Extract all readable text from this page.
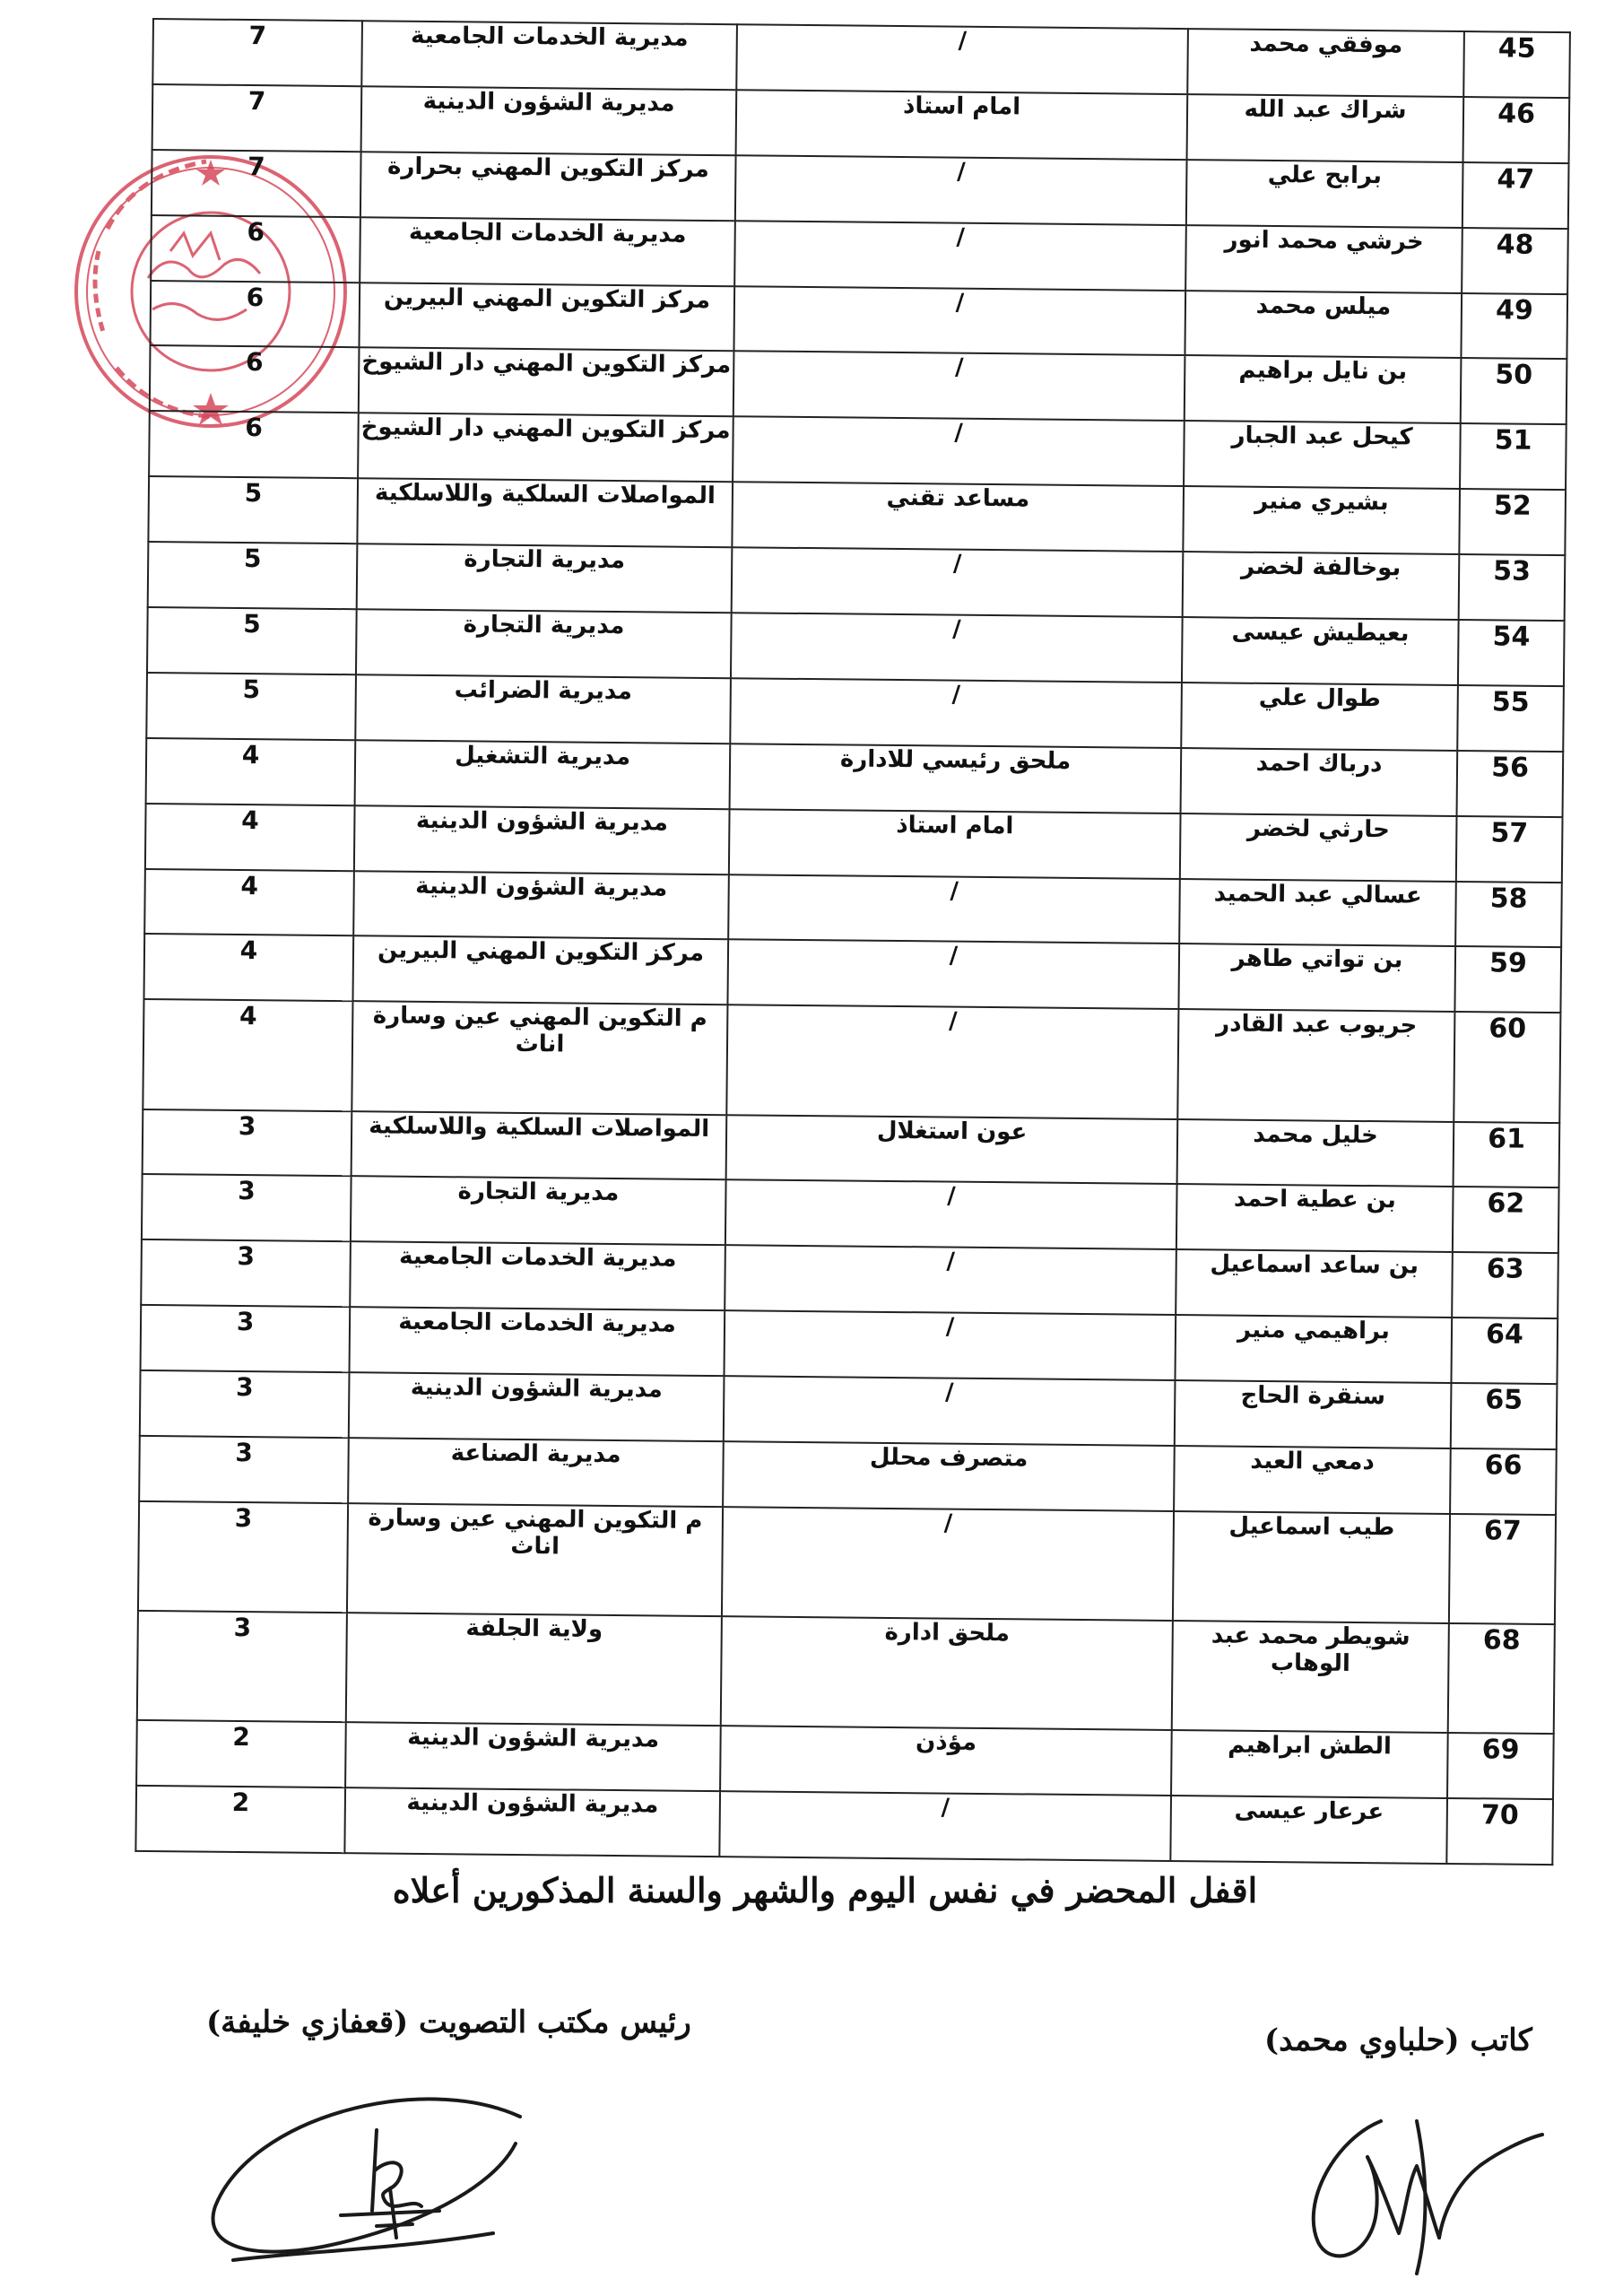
45	موفقي محمد	/	مديرية الخدمات الجامعية	7
46	شراك عبد الله	امام استاذ	مديرية الشؤون الدينية	7
47	برابح علي	/	مركز التكوين المهني بحرارة	7
48	خرشي محمد انور	/	مديرية الخدمات الجامعية	6
49	ميلس محمد	/	مركز التكوين المهني البيرين	6
50	بن نايل براهيم	/	مركز التكوين المهني دار الشيوخ	6
51	كيحل عبد الجبار	/	مركز التكوين المهني دار الشيوخ	6
52	بشيري منير	مساعد تقني	المواصلات السلكية واللاسلكية	5
53	بوخالفة لخضر	/	مديرية التجارة	5
54	بعيطيش عيسى	/	مديرية التجارة	5
55	طوال علي	/	مديرية الضرائب	5
56	درباك احمد	ملحق رئيسي للادارة	مديرية التشغيل	4
57	حارثي لخضر	امام استاذ	مديرية الشؤون الدينية	4
58	عسالي عبد الحميد	/	مديرية الشؤون الدينية	4
59	بن تواتي طاهر	/	مركز التكوين المهني البيرين	4
60	جريوب عبد القادر	/	م التكوين المهني عين وسارة اناث	4
61	خليل محمد	عون استغلال	المواصلات السلكية واللاسلكية	3
62	بن عطية احمد	/	مديرية التجارة	3
63	بن ساعد اسماعيل	/	مديرية الخدمات الجامعية	3
64	براهيمي منير	/	مديرية الخدمات الجامعية	3
65	سنقرة الحاج	/	مديرية الشؤون الدينية	3
66	دمعي العيد	متصرف محلل	مديرية الصناعة	3
67	طيب اسماعيل	/	م التكوين المهني عين وسارة اناث	3
68	شويطر محمد عبد الوهاب	ملحق ادارة	ولاية الجلفة	3
69	الطش ابراهيم	مؤذن	مديرية الشؤون الدينية	2
70	عرعار عيسى	/	مديرية الشؤون الدينية	2
اقفل المحضر في نفس اليوم والشهر والسنة المذكورين أعلاه
رئيس مكتب التصويت (قعفازي خليفة)	كاتب (حلباوي محمد)
